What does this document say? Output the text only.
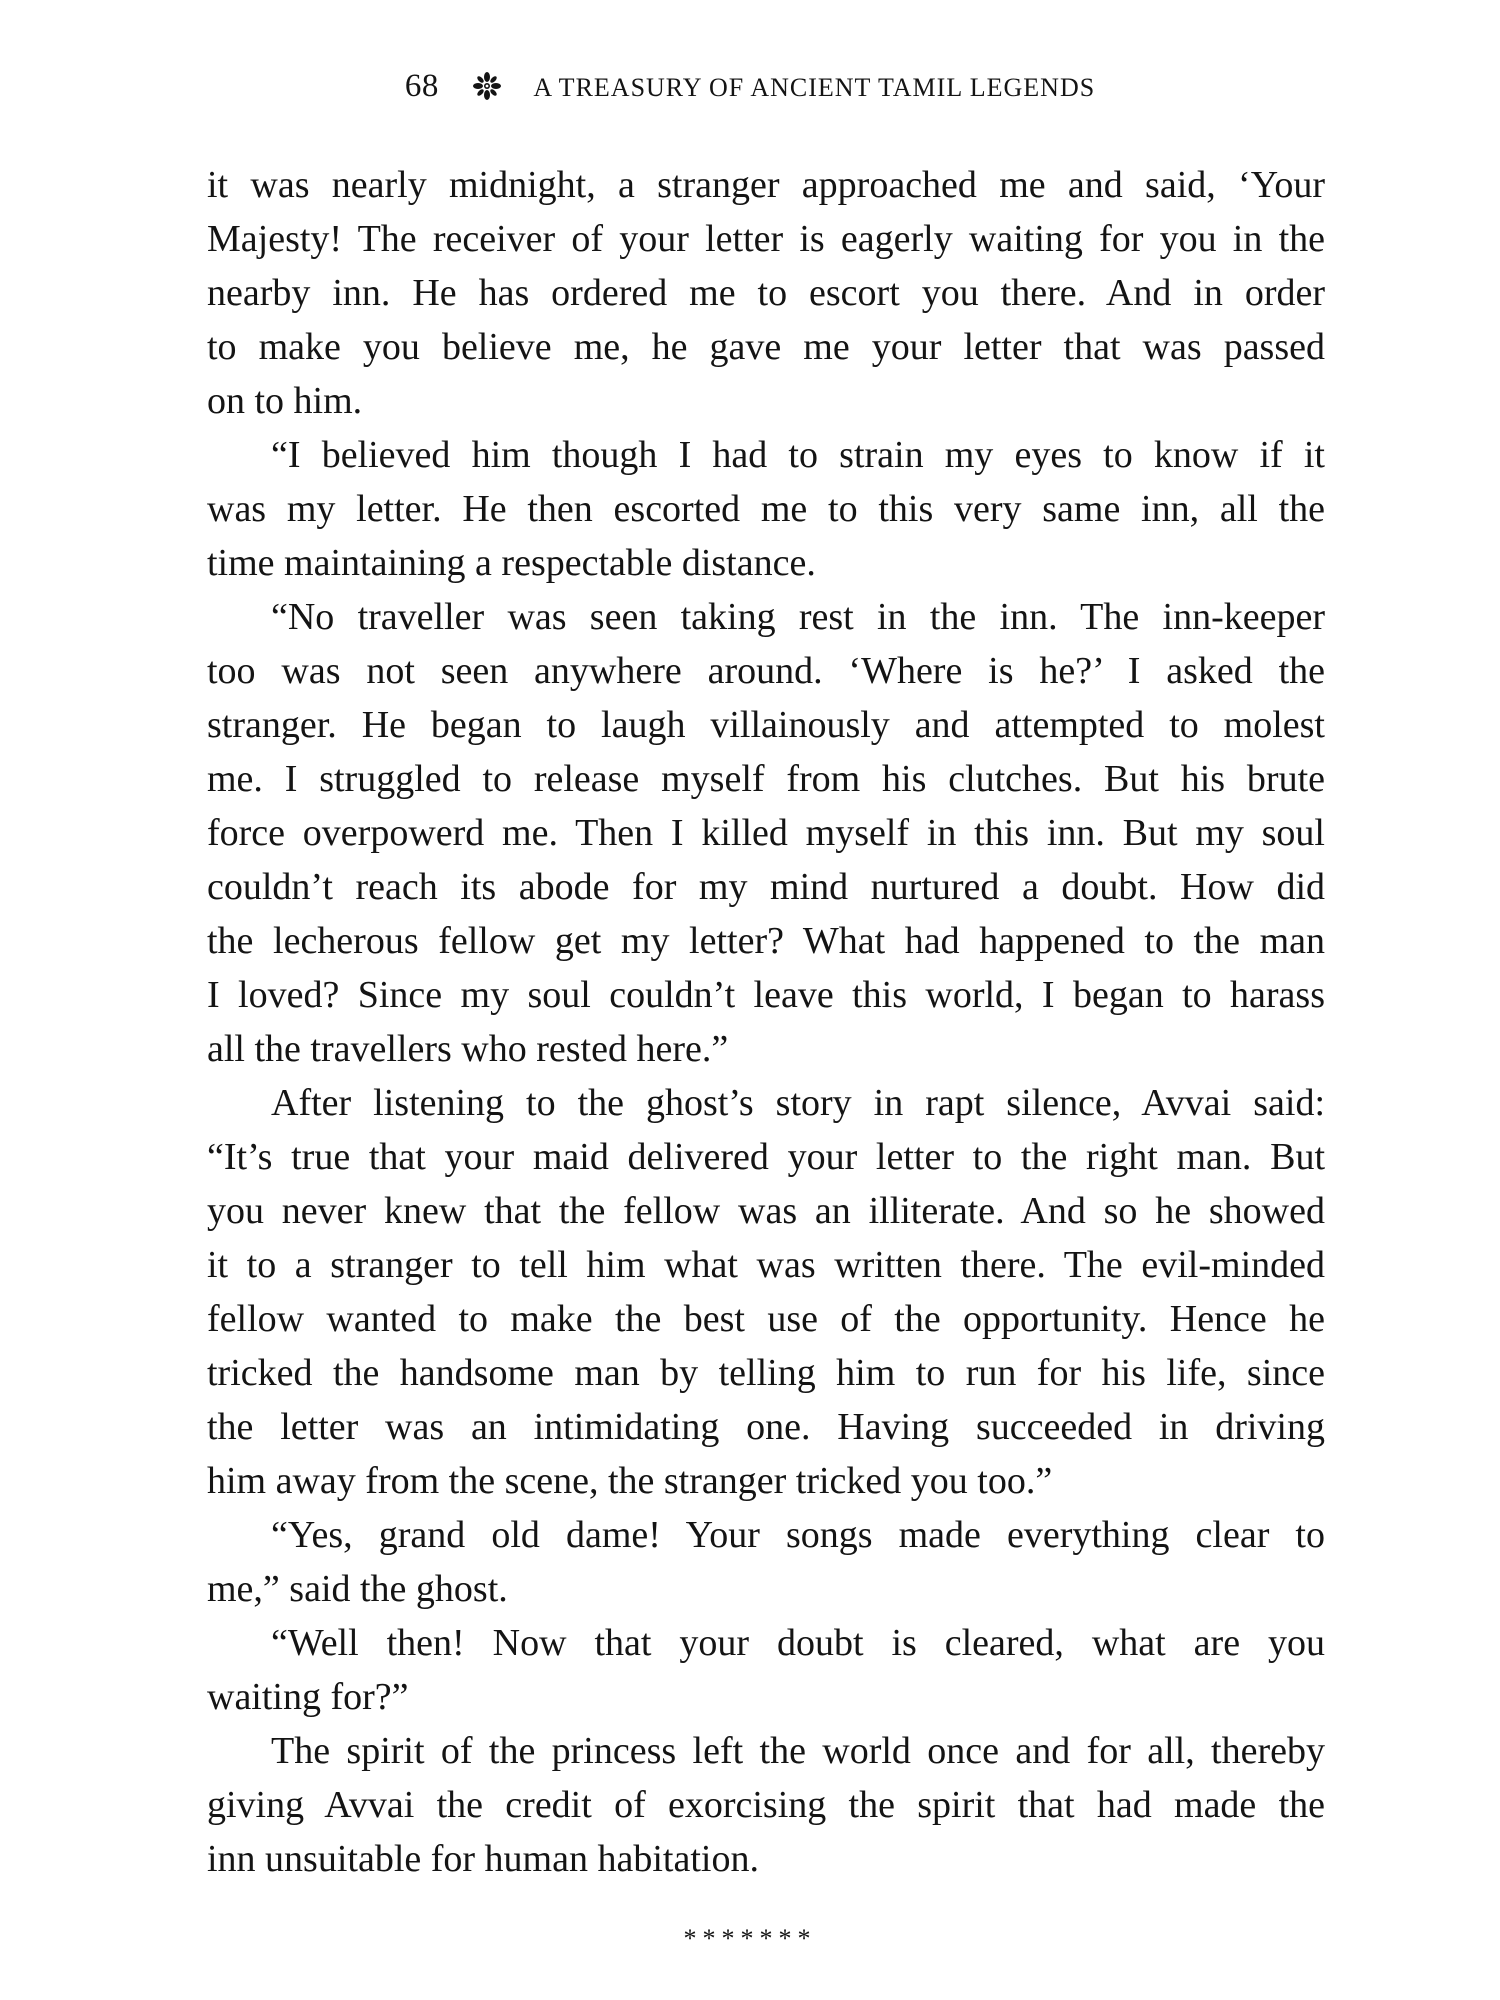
68	A TREASURY OF ANCIENT TAMIL LEGENDS
it was nearly midnight, a stranger approached me and said, ‘Your
Majesty! The receiver of your letter is eagerly waiting for you in the
nearby inn. He has ordered me to escort you there. And in order
to make you believe me, he gave me your letter that was passed
on to him.
“I believed him though I had to strain my eyes to know if it
was my letter. He then escorted me to this very same inn, all the
time maintaining a respectable distance.
“No traveller was seen taking rest in the inn. The inn-keeper
too was not seen anywhere around. ‘Where is he?’ I asked the
stranger. He began to laugh villainously and attempted to molest
me. I struggled to release myself from his clutches. But his brute
force overpowerd me. Then I killed myself in this inn. But my soul
couldn’t reach its abode for my mind nurtured a doubt. How did
the lecherous fellow get my letter? What had happened to the man
I loved? Since my soul couldn’t leave this world, I began to harass
all the travellers who rested here.”
After listening to the ghost’s story in rapt silence, Avvai said:
“It’s true that your maid delivered your letter to the right man. But
you never knew that the fellow was an illiterate. And so he showed
it to a stranger to tell him what was written there. The evil-minded
fellow wanted to make the best use of the opportunity. Hence he
tricked the handsome man by telling him to run for his life, since
the letter was an intimidating one. Having succeeded in driving
him away from the scene, the stranger tricked you too.”
“Yes, grand old dame! Your songs made everything clear to
me,” said the ghost.
“Well then! Now that your doubt is cleared, what are you
waiting for?”
The spirit of the princess left the world once and for all, thereby
giving Avvai the credit of exorcising the spirit that had made the
inn unsuitable for human habitation.
*******
